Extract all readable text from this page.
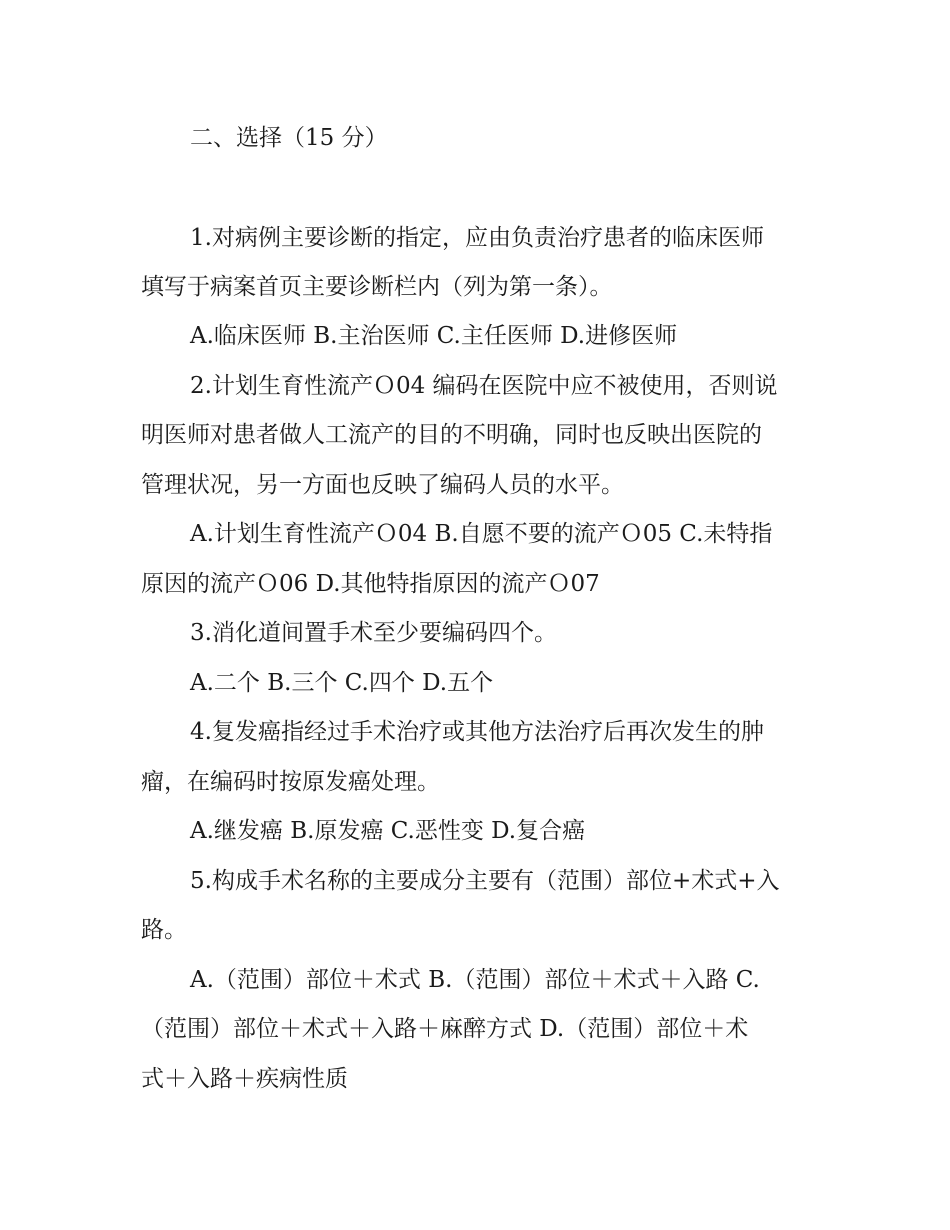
二、选择（15 分）
1.对病例主要诊断的指定，应由负责治疗患者的临床医师
填写于病案首页主要诊断栏内（列为第一条）。
A.临床医师 B.主治医师 C.主任医师 D.进修医师
2.计划生育性流产Ｏ04 编码在医院中应不被使用，否则说
明医师对患者做人工流产的目的不明确，同时也反映出医院的
管理状况，另一方面也反映了编码人员的水平。
A.计划生育性流产Ｏ04 B.自愿不要的流产Ｏ05 C.未特指
原因的流产Ｏ06 D.其他特指原因的流产Ｏ07
3.消化道间置手术至少要编码四个。
A.二个 B.三个 C.四个 D.五个
4.复发癌指经过手术治疗或其他方法治疗后再次发生的肿
瘤，在编码时按原发癌处理。
A.继发癌 B.原发癌 C.恶性变 D.复合癌
5.构成手术名称的主要成分主要有（范围）部位+术式+入
路。
A.（范围）部位＋术式 B.（范围）部位＋术式＋入路 C.
（范围）部位＋术式＋入路＋麻醉方式 D.（范围）部位＋术
式＋入路＋疾病性质
